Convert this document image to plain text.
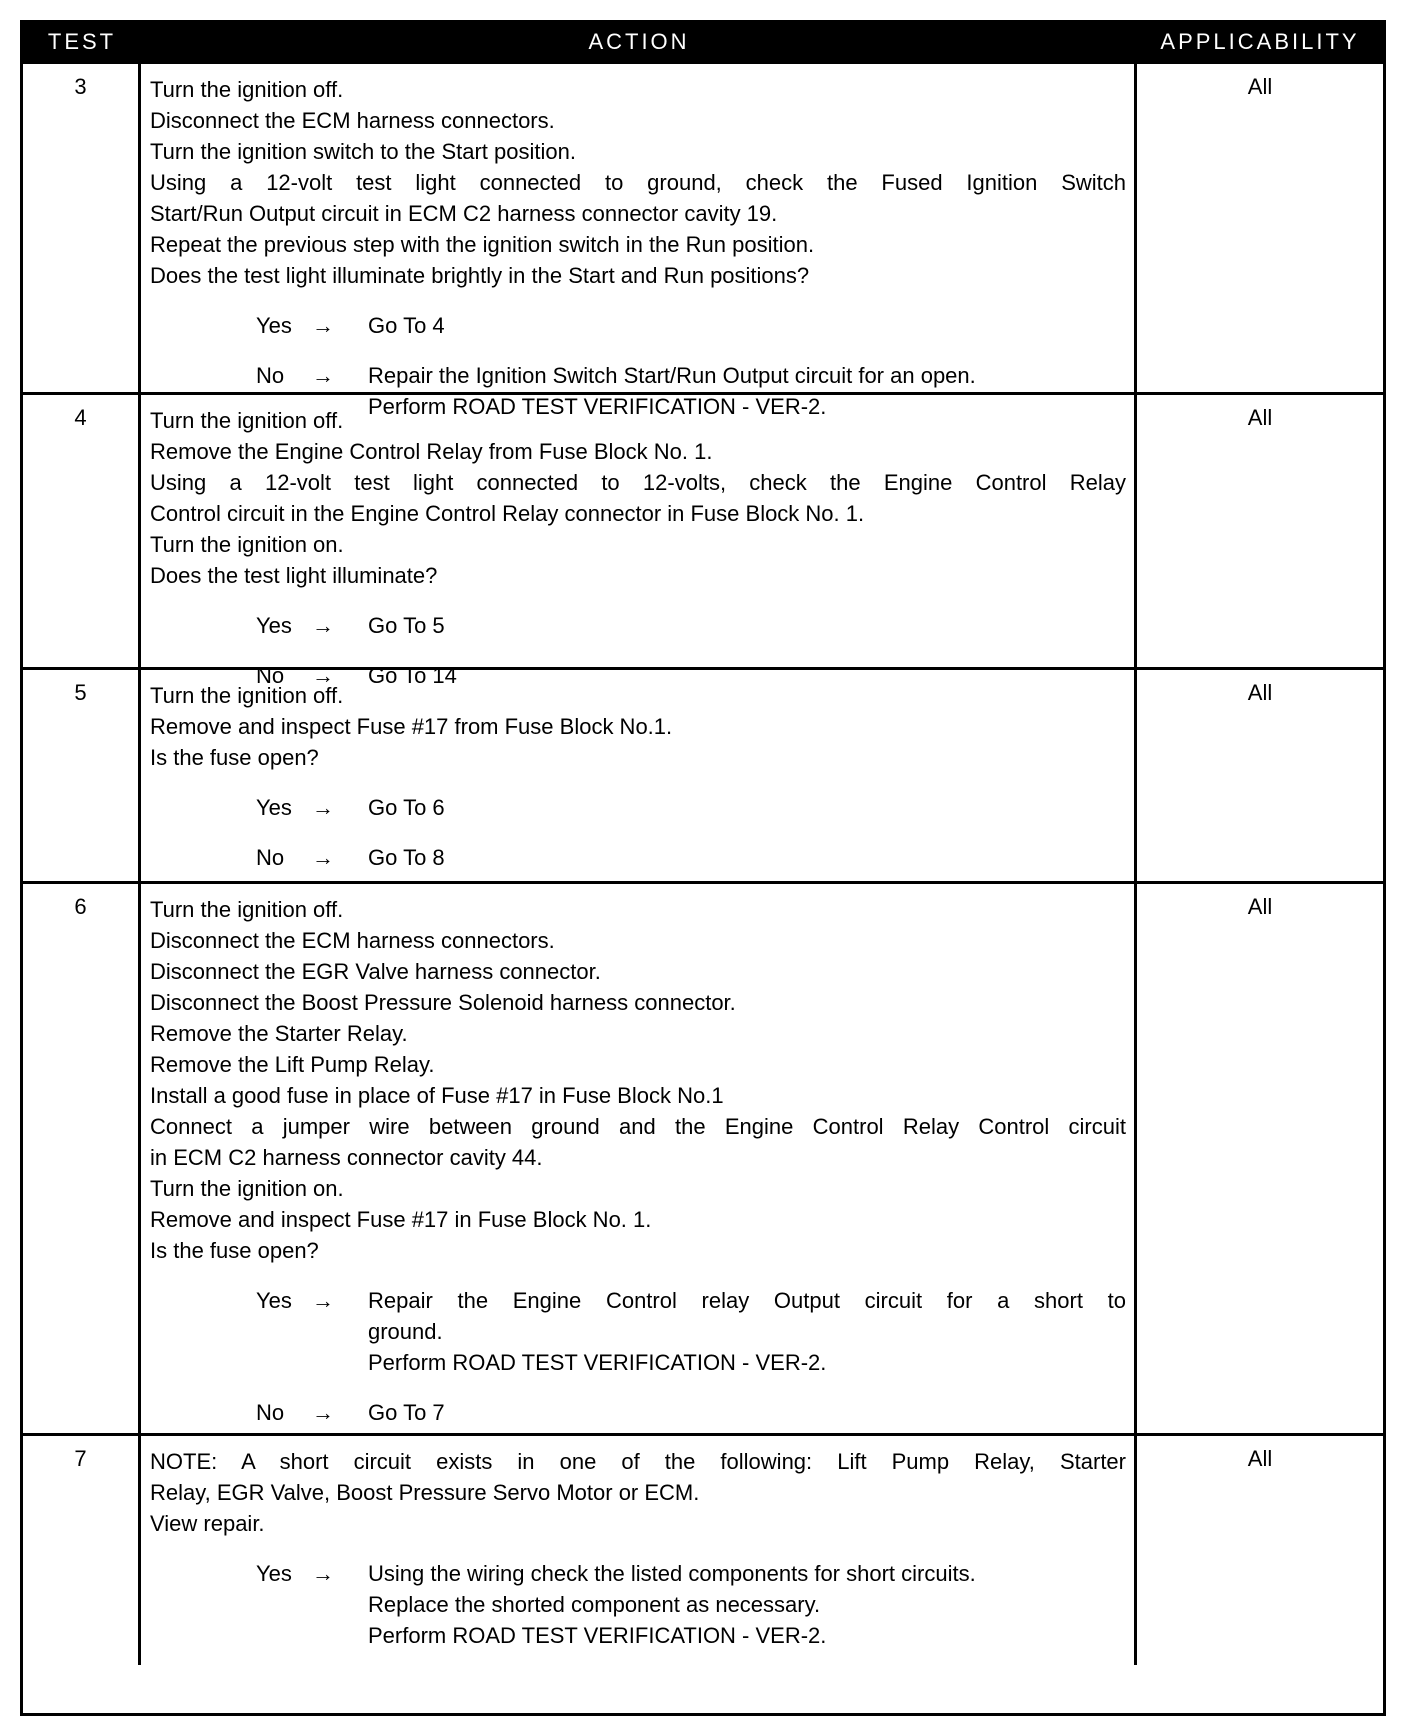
TEST	ACTION	APPLICABILITY
3	Turn the ignition off.
Disconnect the ECM harness connectors.
Turn the ignition switch to the Start position.
Using a 12-volt test light connected to ground, check the Fused Ignition Switch
Start/Run Output circuit in ECM C2 harness connector cavity 19.
Repeat the previous step with the ignition switch in the Run position.
Does the test light illuminate brightly in the Start and Run positions?
Yes →	Go To 4
No	→	Repair the Ignition Switch Start/Run Output circuit for an open.
Perform ROAD TEST VERIFICATION - VER-2.
All
4	Turn the ignition off.
Remove the Engine Control Relay from Fuse Block No. 1.
Using a 12-volt test light connected to 12-volts, check the Engine Control Relay
Control circuit in the Engine Control Relay connector in Fuse Block No. 1.
Turn the ignition on.
Does the test light illuminate?
Yes →	Go To 5
No	→	Go To 14
All
5	Turn the ignition off.
Remove and inspect Fuse #17 from Fuse Block No.1.
Is the fuse open?
Yes →	Go To 6
No	→	Go To 8
All
6	Turn the ignition off.
Disconnect the ECM harness connectors.
Disconnect the EGR Valve harness connector.
Disconnect the Boost Pressure Solenoid harness connector.
Remove the Starter Relay.
Remove the Lift Pump Relay.
Install a good fuse in place of Fuse #17 in Fuse Block No.1
Connect a jumper wire between ground and the Engine Control Relay Control circuit
in ECM C2 harness connector cavity 44.
Turn the ignition on.
Remove and inspect Fuse #17 in Fuse Block No. 1.
Is the fuse open?
Yes →	Repair the Engine Control relay Output circuit for a short to
ground.
Perform ROAD TEST VERIFICATION - VER-2.
No	→	Go To 7
All
7	NOTE: A short circuit exists in one of the following: Lift Pump Relay, Starter
Relay, EGR Valve, Boost Pressure Servo Motor or ECM.
View repair.
Yes →	Using the wiring check the listed components for short circuits.
Replace the shorted component as necessary.
Perform ROAD TEST VERIFICATION - VER-2.
All
